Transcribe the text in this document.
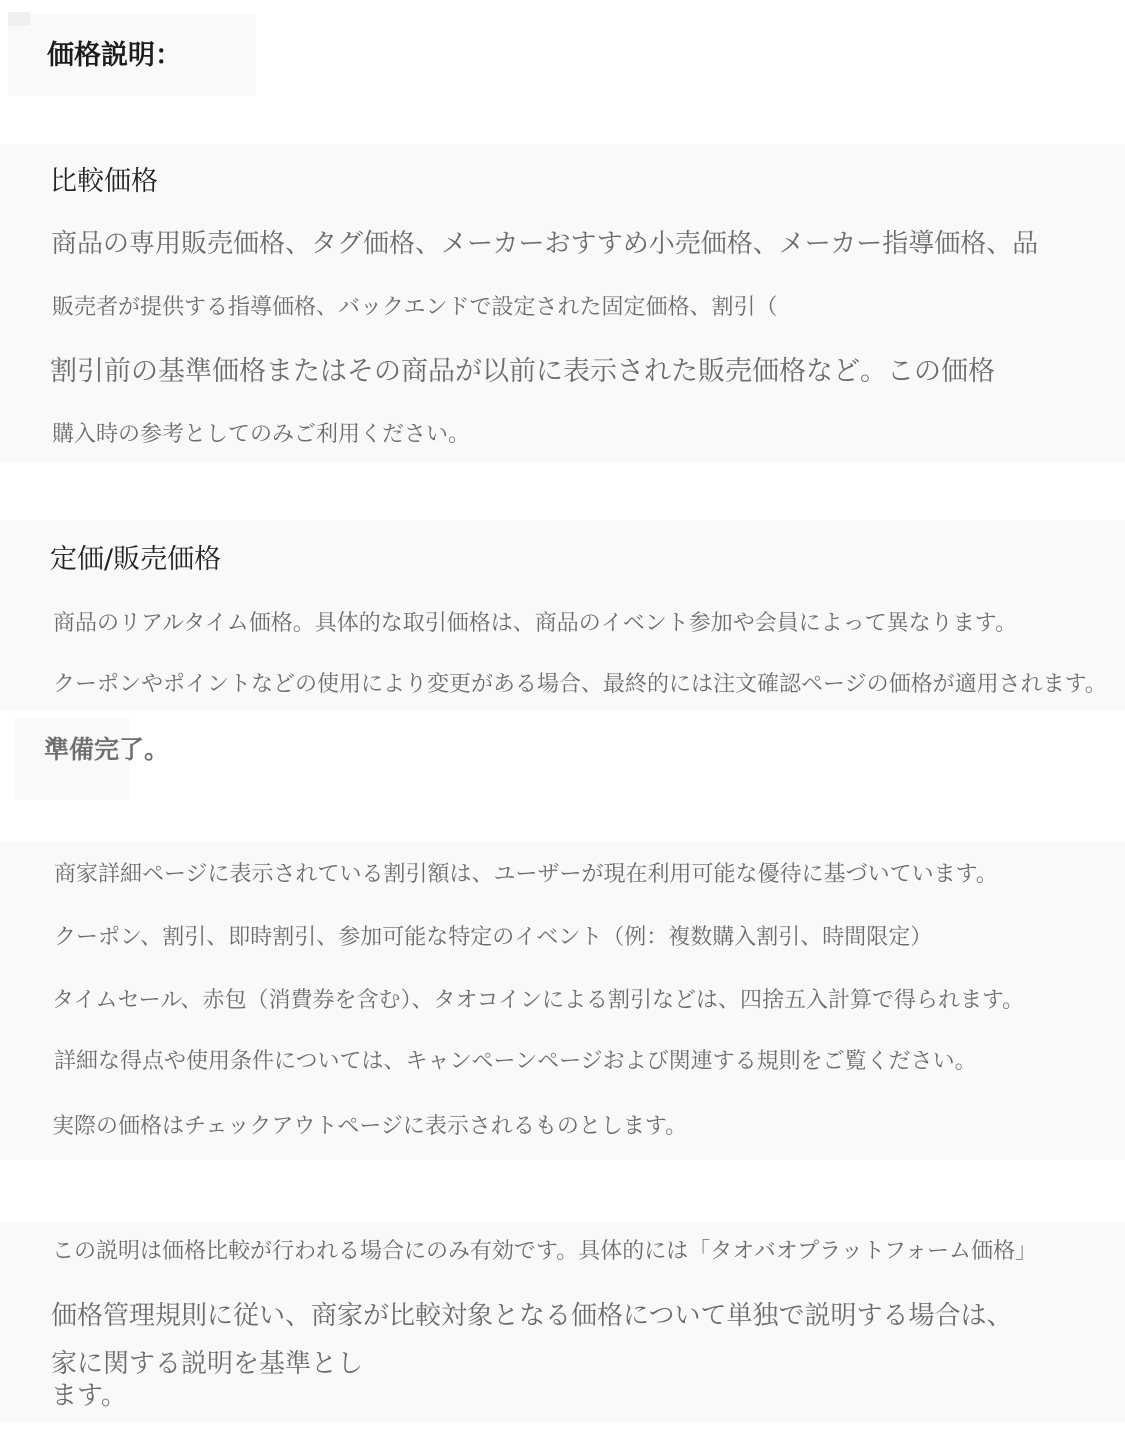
価格説明：
比較価格
商品の専用販売価格、タグ価格、メーカーおすすめ小売価格、メーカー指導価格、品
販売者が提供する指導価格、バックエンドで設定された固定価格、割引（
割引前の基準価格またはその商品が以前に表示された販売価格など。この価格
購入時の参考としてのみご利用ください。
定価/販売価格
商品のリアルタイム価格。具体的な取引価格は、商品のイベント参加や会員によって異なります。
クーポンやポイントなどの使用により変更がある場合、最終的には注文確認ページの価格が適用されます。
準備完了。
商家詳細ページに表示されている割引額は、ユーザーが現在利用可能な優待に基づいています。
クーポン、割引、即時割引、参加可能な特定のイベント（例：複数購入割引、時間限定）
タイムセール、赤包（消費券を含む）、タオコインによる割引などは、四捨五入計算で得られます。
詳細な得点や使用条件については、キャンペーンページおよび関連する規則をご覧ください。
実際の価格はチェックアウトページに表示されるものとします。
この説明は価格比較が行われる場合にのみ有効です。具体的には「タオバオプラットフォーム価格」
価格管理規則に従い、商家が比較対象となる価格について単独で説明する場合は、
家に関する説明を基準とし
ます。
